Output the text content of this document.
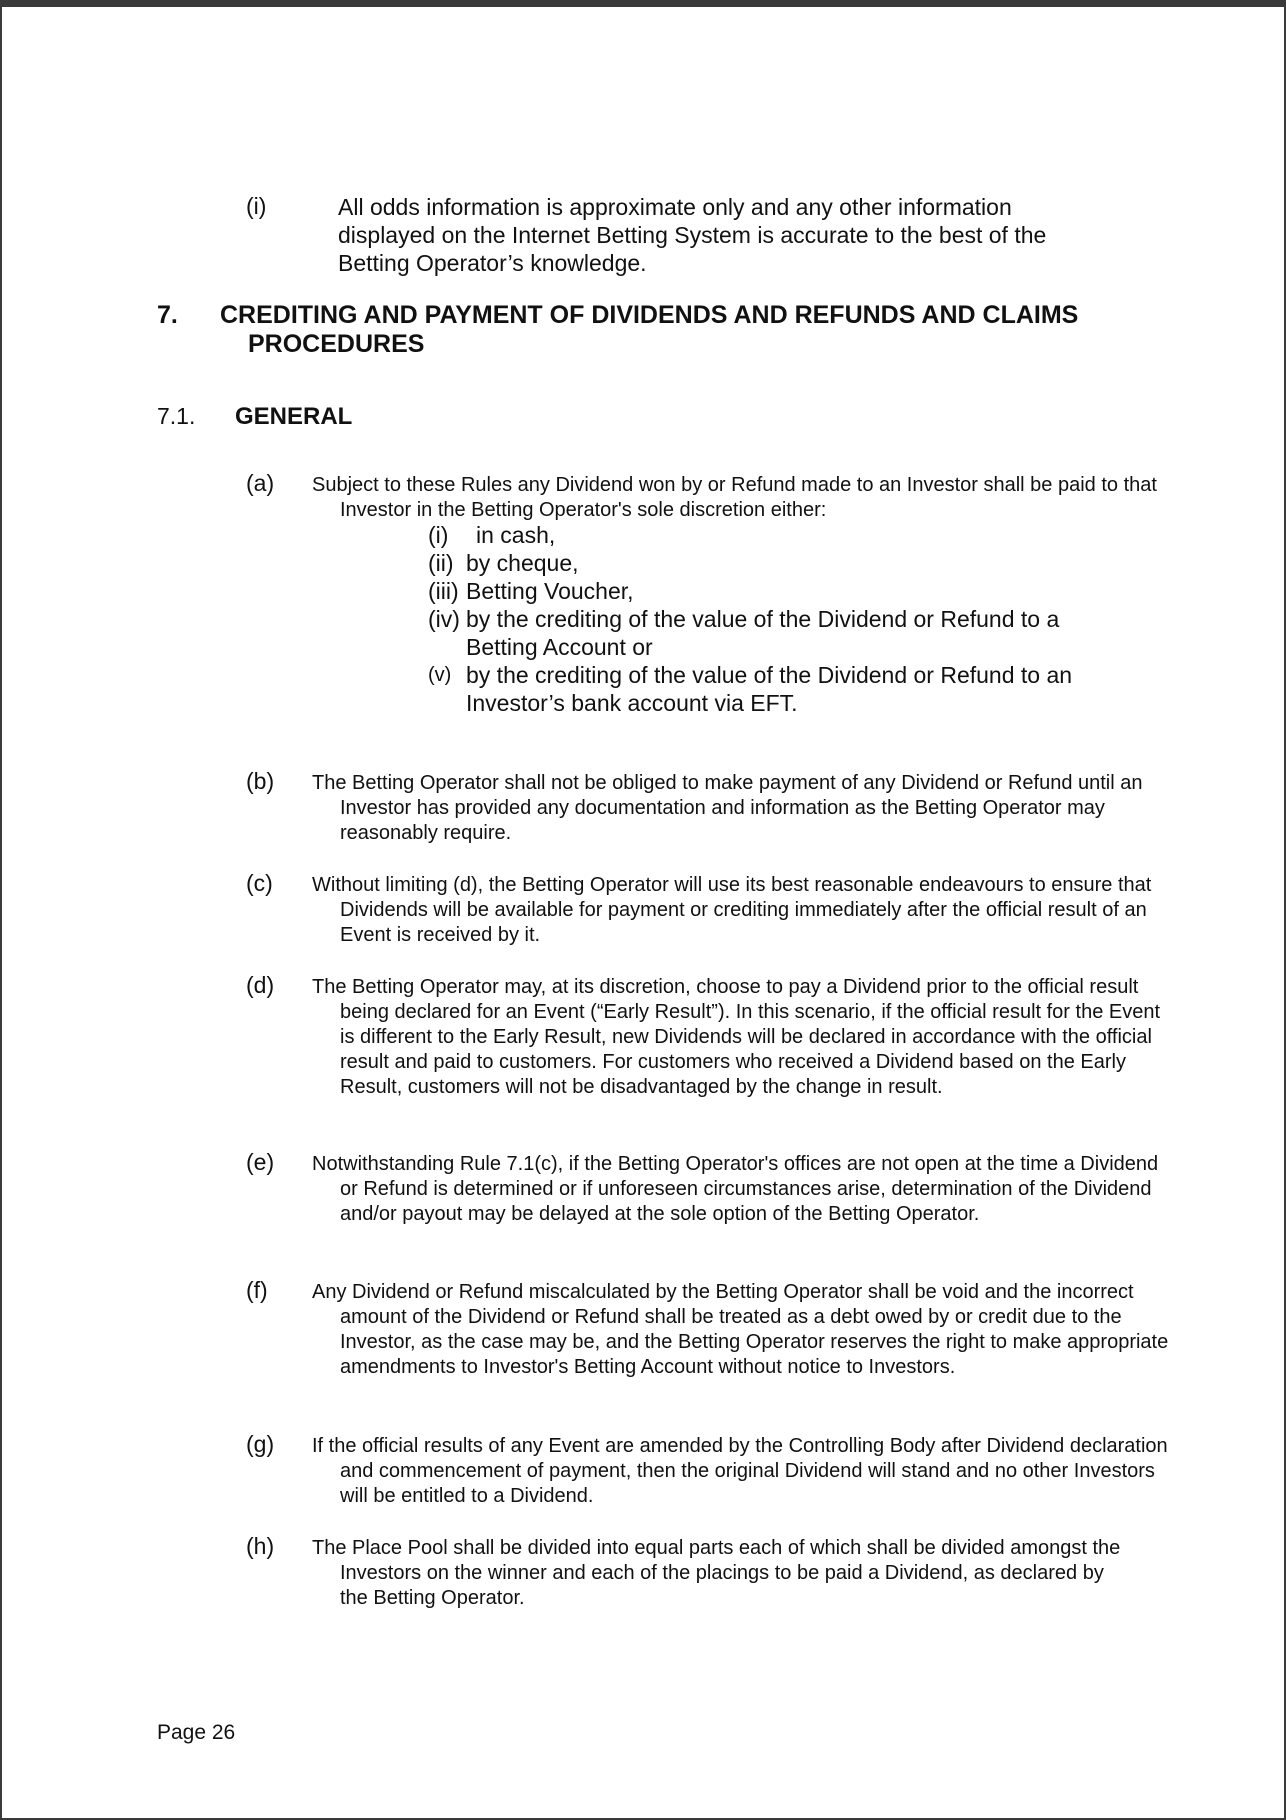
(i)	All odds information is approximate only and any other information displayed on the Internet Betting System is accurate to the best of the Betting Operator’s knowledge.
7. CREDITING AND PAYMENT OF DIVIDENDS AND REFUNDS AND CLAIMS PROCEDURES
7.1. GENERAL
(a) Subject to these Rules any Dividend won by or Refund made to an Investor shall be paid to that Investor in the Betting Operator's sole discretion either:
(i)	in cash,
(ii) by cheque,
(iii) Betting Voucher,
(iv) by the crediting of the value of the Dividend or Refund to a Betting Account or
(v) by the crediting of the value of the Dividend or Refund to an Investor’s bank account via EFT.
(b) The Betting Operator shall not be obliged to make payment of any Dividend or Refund until an Investor has provided any documentation and information as the Betting Operator may reasonably require.
(c) Without limiting (d), the Betting Operator will use its best reasonable endeavours to ensure that Dividends will be available for payment or crediting immediately after the official result of an Event is received by it.
(d) The Betting Operator may, at its discretion, choose to pay a Dividend prior to the official result being declared for an Event (“Early Result”). In this scenario, if the official result for the Event is different to the Early Result, new Dividends will be declared in accordance with the official result and paid to customers. For customers who received a Dividend based on the Early Result, customers will not be disadvantaged by the change in result.
(e) Notwithstanding Rule 7.1(c), if the Betting Operator's offices are not open at the time a Dividend or Refund is determined or if unforeseen circumstances arise, determination of the Dividend and/or payout may be delayed at the sole option of the Betting Operator.
(f) Any Dividend or Refund miscalculated by the Betting Operator shall be void and the incorrect amount of the Dividend or Refund shall be treated as a debt owed by or credit due to the Investor, as the case may be, and the Betting Operator reserves the right to make appropriate amendments to Investor's Betting Account without notice to Investors.
(g) If the official results of any Event are amended by the Controlling Body after Dividend declaration and commencement of payment, then the original Dividend will stand and no other Investors will be entitled to a Dividend.
(h) The Place Pool shall be divided into equal parts each of which shall be divided amongst the Investors on the winner and each of the placings to be paid a Dividend, as declared by the Betting Operator.
Page 26
